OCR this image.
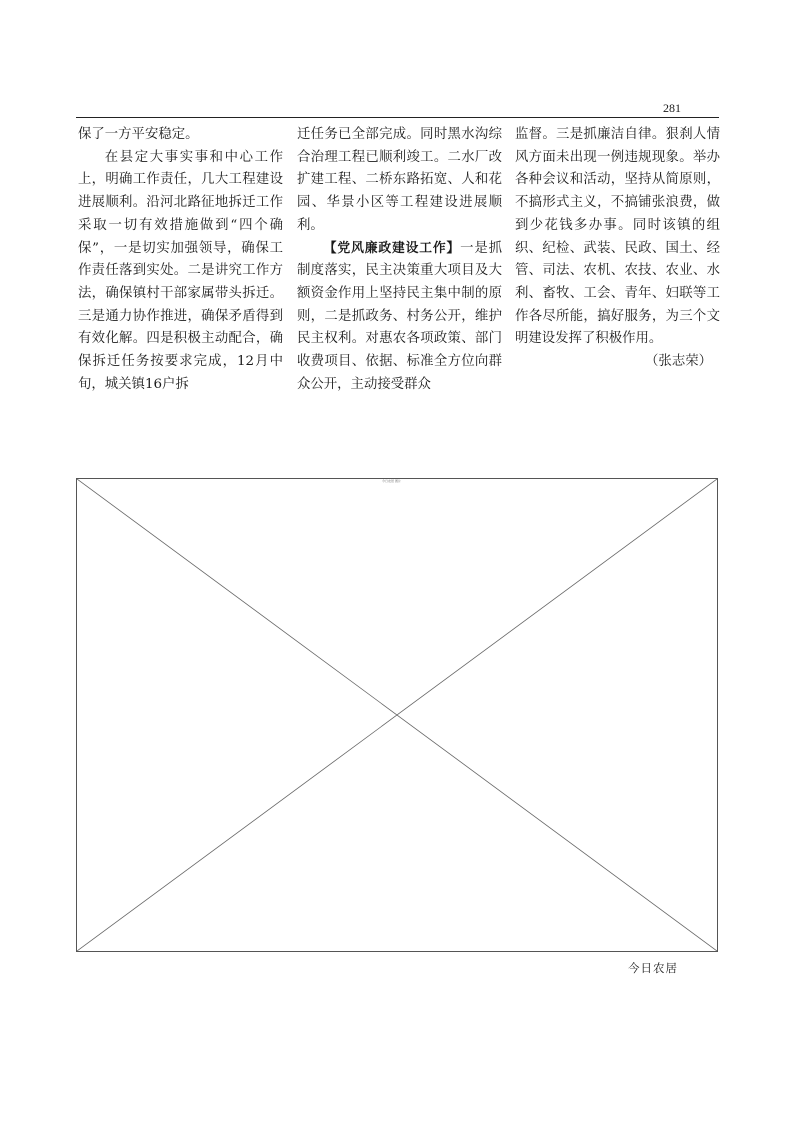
281

保了一方平安稳定。

在县定大事实事和中心工作上，明确工作责任，几大工程建设进展顺利。沿河北路征地拆迁工作采取一切有效措施做到“四个确保”，一是切实加强领导，确保工作责任落到实处。二是讲究工作方法，确保镇村干部家属带头拆迁。三是通力协作推进，确保矛盾得到有效化解。四是积极主动配合，确保拆迁任务按要求完成，12月中旬，城关镇16户拆

迁任务已全部完成。同时黑水沟综合治理工程已顺利竣工。二水厂改扩建工程、二桥东路拓宽、人和花园、华景小区等工程建设进展顺利。

【党风廉政建设工作】一是抓制度落实，民主决策重大项目及大额资金作用上坚持民主集中制的原则，二是抓政务、村务公开，维护民主权利。对惠农各项政策、部门收费项目、依据、标准全方位向群众公开，主动接受群众

监督。三是抓廉洁自律。狠刹人情风方面未出现一例违规现象。举办各种会议和活动，坚持从简原则，不搞形式主义，不搞铺张浪费，做到少花钱多办事。同时该镇的组织、纪检、武装、民政、国土、经管、司法、农机、农技、农业、水利、畜牧、工会、青年、妇联等工作各尽所能，搞好服务，为三个文明建设发挥了积极作用。

（张志荣）

今日农居 图片
今日农居
